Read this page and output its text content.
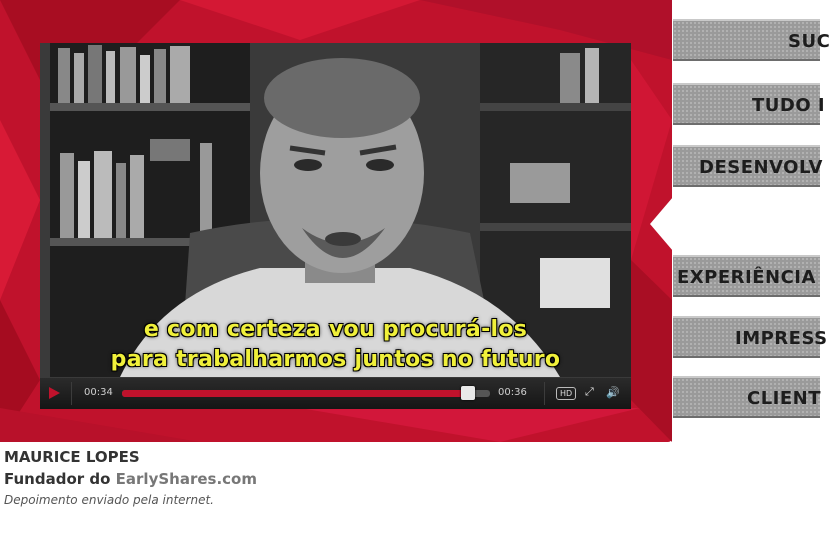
e com certeza vou procurá-los
para trabalharmos juntos no futuro
00:34	00:36	HD	⤢ 🔊
MAURICE LOPES
Fundador do EarlyShares.com
Depoimento enviado pela internet.
SUC
TUDO I
DESENVOLV
EXPERIÊNCIA
IMPRESS
CLIENT
